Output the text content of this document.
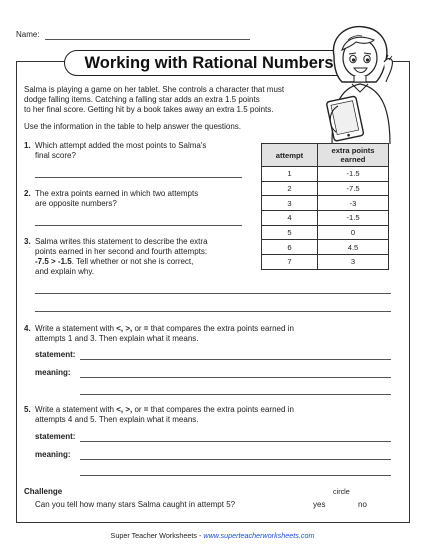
Name:
Working with Rational Numbers
Salma is playing a game on her tablet. She controls a character that must
dodge falling items. Catching a falling star adds an extra 1.5 points
to her final score. Getting hit by a book takes away an extra 1.5 points.
Use the information in the table to help answer the questions.
attempt	extra points earned
1	-1.5
2	-7.5
3	-3
4	-1.5
5	0
6	4.5
7	3
1. Which attempt added the most points to Salma's
final score?
2. The extra points earned in which two attempts
are opposite numbers?
3. Salma writes this statement to describe the extra
points earned in her second and fourth attempts:
-7.5 > -1.5. Tell whether or not she is correct,
and explain why.
4. Write a statement with <, >, or = that compares the extra points earned in
attempts 1 and 3. Then explain what it means.
statement:
meaning:
5. Write a statement with <, >, or = that compares the extra points earned in
attempts 4 and 5. Then explain what it means.
statement:
meaning:
Challenge	circle
Can you tell how many stars Salma caught in attempt 5?	yes	no
Super Teacher Worksheets - www.superteacherworksheets.com
